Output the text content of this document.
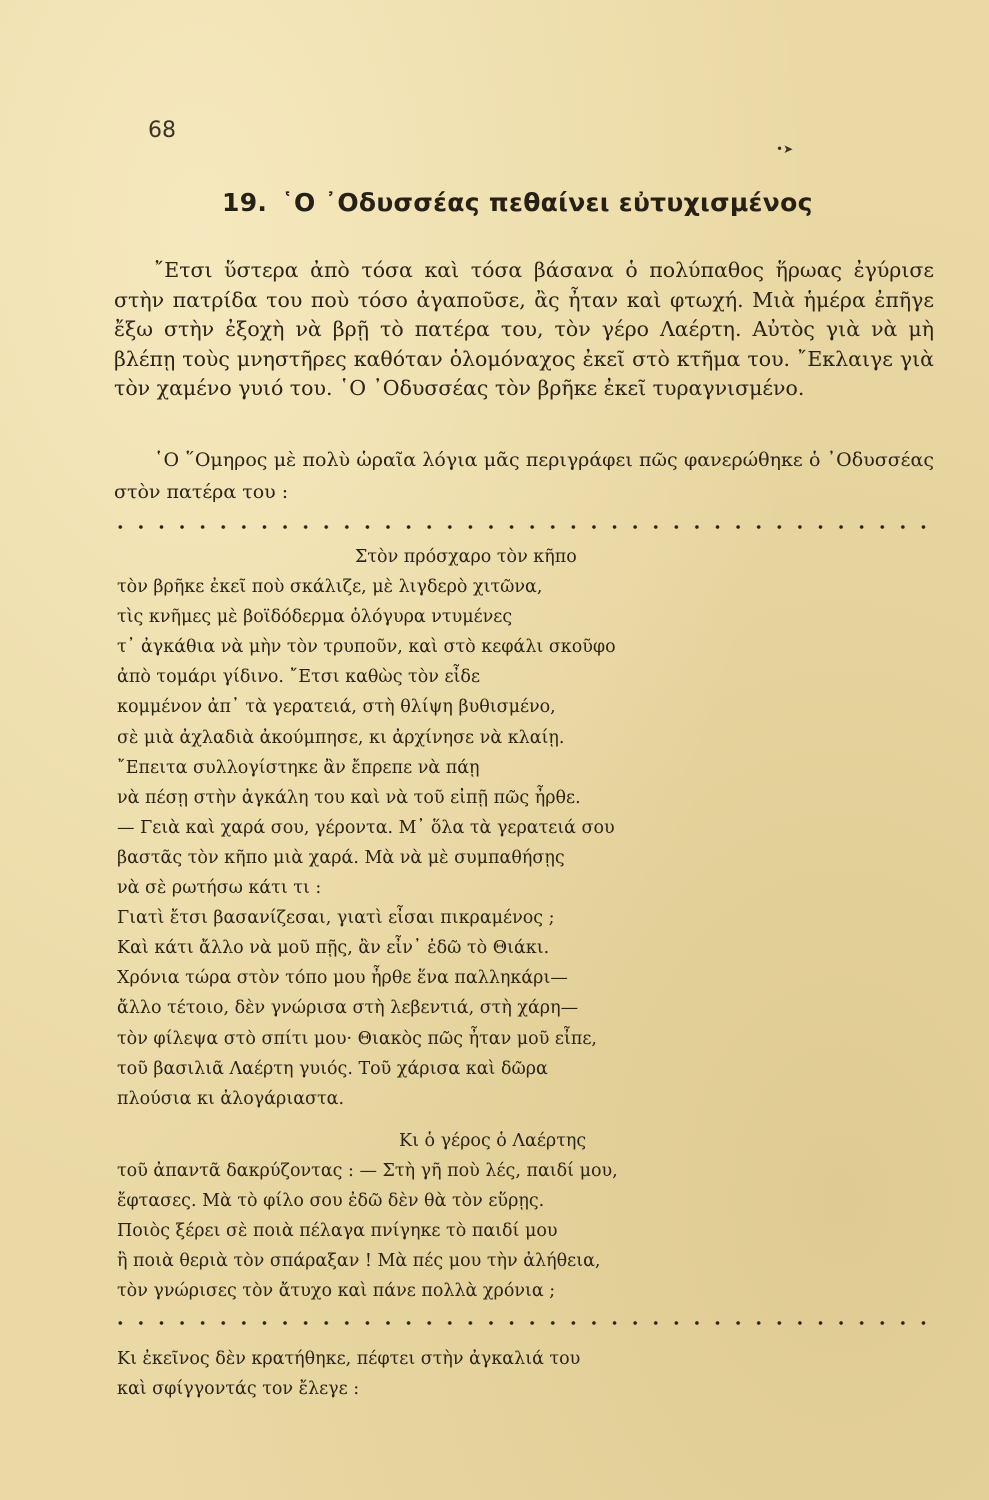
68
•➤
19. ῾Ο ᾿Οδυσσέας πεθαίνει εὐτυχισμένος

῎Ετσι ὕστερα ἀπὸ τόσα καὶ τόσα βάσανα ὁ πολύπαθος ἥρωας ἐγύρισε στὴν πατρίδα του ποὺ τόσο ἀγαποῦσε, ἂς ἦταν καὶ φτωχή. Μιὰ ἡμέρα ἐπῆγε ἔξω στὴν ἐξοχὴ νὰ βρῇ τὸ πατέρα του, τὸν γέρο Λαέρτη. Αὐτὸς γιὰ νὰ μὴ βλέπῃ τοὺς μνηστῆρες καθόταν ὁλομόναχος ἐκεῖ στὸ κτῆμα του. ῎Εκλαιγε γιὰ τὸν χαμένο γυιό του. ῾Ο ᾿Οδυσσέας τὸν βρῆκε ἐκεῖ τυραγνισμένο.

῾Ο ῞Ομηρος μὲ πολὺ ὡραῖα λόγια μᾶς περιγράφει πῶς φανερώθηκε ὁ ᾿Οδυσσέας στὸν πατέρα του :

Στὸν πρόσχαρο τὸν κῆπο
τὸν βρῆκε ἐκεῖ ποὺ σκάλιζε, μὲ λιγδερὸ χιτῶνα,
τὶς κνῆμες μὲ βοϊδόδερμα ὁλόγυρα ντυμένες
τ᾿ ἀγκάθια νὰ μὴν τὸν τρυποῦν, καὶ στὸ κεφάλι σκοῦφο
ἀπὸ τομάρι γίδινο. ῎Ετσι καθὼς τὸν εἶδε
κομμένον ἀπ᾿ τὰ γερατειά, στὴ θλίψη βυθισμένο,
σὲ μιὰ ἀχλαδιὰ ἀκούμπησε, κι ἀρχίνησε νὰ κλαίῃ.
῎Επειτα συλλογίστηκε ἂν ἔπρεπε νὰ πάῃ
νὰ πέσῃ στὴν ἀγκάλη του καὶ νὰ τοῦ εἰπῇ πῶς ἦρθε.
— Γειὰ καὶ χαρά σου, γέροντα. Μ᾿ ὅλα τὰ γερατειά σου
βαστᾶς τὸν κῆπο μιὰ χαρά. Μὰ νὰ μὲ συμπαθήσῃς
νὰ σὲ ρωτήσω κάτι τι :
Γιατὶ ἔτσι βασανίζεσαι, γιατὶ εἶσαι πικραμένος ;
Καὶ κάτι ἄλλο νὰ μοῦ πῇς, ἂν εἶν᾿ ἐδῶ τὸ Θιάκι.
Χρόνια τώρα στὸν τόπο μου ἦρθε ἕνα παλληκάρι—
ἄλλο τέτοιο, δὲν γνώρισα στὴ λεβεντιά, στὴ χάρη—
τὸν φίλεψα στὸ σπίτι μου· Θιακὸς πῶς ἦταν μοῦ εἶπε,
τοῦ βασιλιᾶ Λαέρτη γυιός. Τοῦ χάρισα καὶ δῶρα
πλούσια κι ἀλογάριαστα.
Κι ὁ γέρος ὁ Λαέρτης
τοῦ ἀπαντᾶ δακρύζοντας : — Στὴ γῆ ποὺ λές, παιδί μου,
ἔφτασες. Μὰ τὸ φίλο σου ἐδῶ δὲν θὰ τὸν εὕρῃς.
Ποιὸς ξέρει σὲ ποιὰ πέλαγα πνίγηκε τὸ παιδί μου
ἢ ποιὰ θεριὰ τὸν σπάραξαν ! Μὰ πές μου τὴν ἀλήθεια,
τὸν γνώρισες τὸν ἄτυχο καὶ πάνε πολλὰ χρόνια ;
Κι ἐκεῖνος δὲν κρατήθηκε, πέφτει στὴν ἀγκαλιά του
καὶ σφίγγοντάς τον ἔλεγε :
